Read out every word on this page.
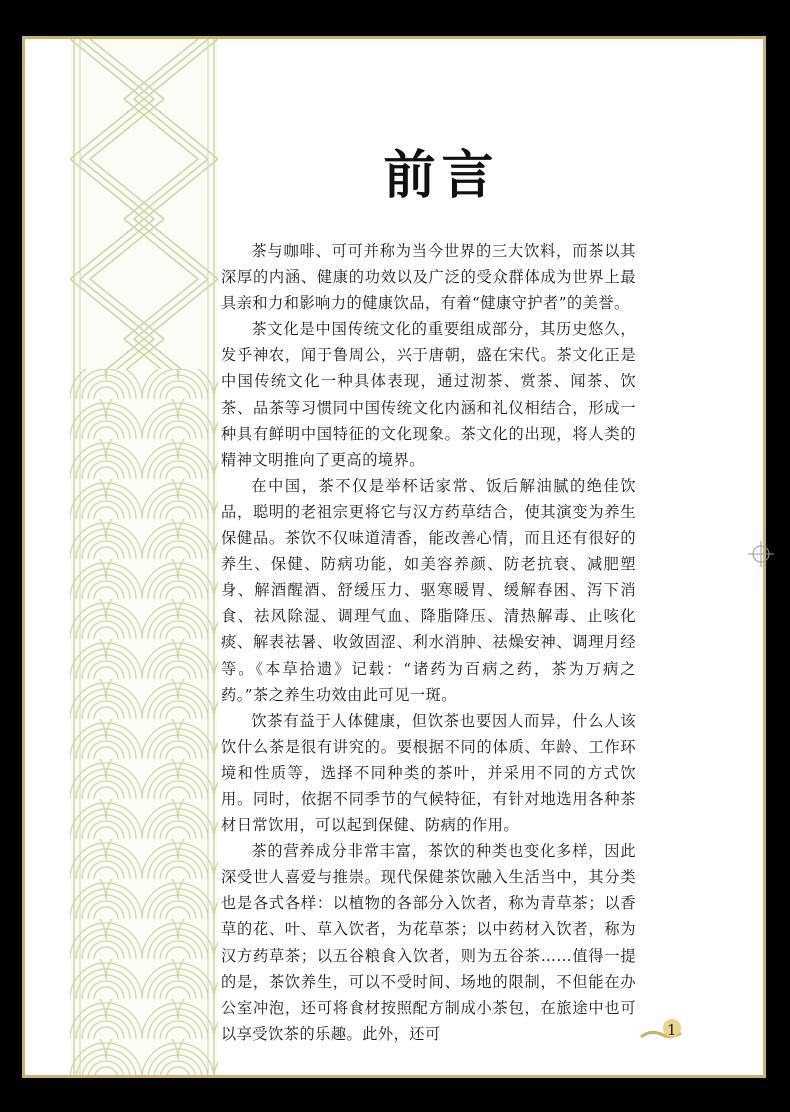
前言

茶与咖啡、可可并称为当今世界的三大饮料，而茶以其深厚的内涵、健康的功效以及广泛的受众群体成为世界上最具亲和力和影响力的健康饮品，有着“健康守护者”的美誉。

茶文化是中国传统文化的重要组成部分，其历史悠久，发乎神农，闻于鲁周公，兴于唐朝，盛在宋代。茶文化正是中国传统文化一种具体表现，通过沏茶、赏茶、闻茶、饮茶、品茶等习惯同中国传统文化内涵和礼仪相结合，形成一种具有鲜明中国特征的文化现象。茶文化的出现，将人类的精神文明推向了更高的境界。

在中国，茶不仅是举杯话家常、饭后解油腻的绝佳饮品，聪明的老祖宗更将它与汉方药草结合，使其演变为养生保健品。茶饮不仅味道清香，能改善心情，而且还有很好的养生、保健、防病功能，如美容养颜、防老抗衰、减肥塑身、解酒醒酒、舒缓压力、驱寒暖胃、缓解春困、泻下消食、祛风除湿、调理气血、降脂降压、清热解毒、止咳化痰、解表祛暑、收敛固涩、利水消肿、祛燥安神、调理月经等。《本草拾遗》记载：“诸药为百病之药，茶为万病之药。”茶之养生功效由此可见一斑。

饮茶有益于人体健康，但饮茶也要因人而异，什么人该饮什么茶是很有讲究的。要根据不同的体质、年龄、工作环境和性质等，选择不同种类的茶叶，并采用不同的方式饮用。同时，依据不同季节的气候特征，有针对地选用各种茶材日常饮用，可以起到保健、防病的作用。

茶的营养成分非常丰富，茶饮的种类也变化多样，因此深受世人喜爱与推崇。现代保健茶饮融入生活当中，其分类也是各式各样：以植物的各部分入饮者，称为青草茶；以香草的花、叶、草入饮者，为花草茶；以中药材入饮者，称为汉方药草茶；以五谷粮食入饮者，则为五谷茶……值得一提的是，茶饮养生，可以不受时间、场地的限制，不但能在办公室冲泡，还可将食材按照配方制成小茶包，在旅途中也可以享受饮茶的乐趣。此外，还可	1
